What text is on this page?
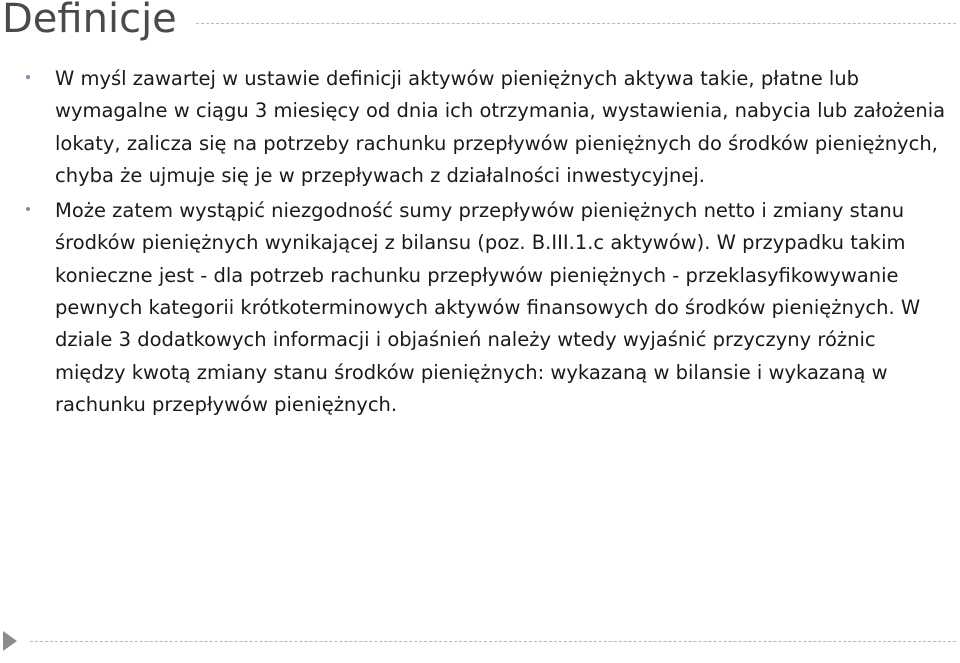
Definicje
W myśl zawartej w ustawie definicji aktywów pieniężnych aktywa takie, płatne lub wymagalne w ciągu 3 miesięcy od dnia ich otrzymania, wystawienia, nabycia lub założenia lokaty, zalicza się na potrzeby rachunku przepływów pieniężnych do środków pieniężnych, chyba że ujmuje się je w przepływach z działalności inwestycyjnej.
Może zatem wystąpić niezgodność sumy przepływów pieniężnych netto i zmiany stanu środków pieniężnych wynikającej z bilansu (poz. B.III.1.c aktywów). W przypadku takim konieczne jest - dla potrzeb rachunku przepływów pieniężnych - przeklasyfikowywanie pewnych kategorii krótkoterminowych aktywów finansowych do środków pieniężnych. W dziale 3 dodatkowych informacji i objaśnień należy wtedy wyjaśnić przyczyny różnic między kwotą zmiany stanu środków pieniężnych: wykazaną w bilansie i wykazaną w rachunku przepływów pieniężnych.
